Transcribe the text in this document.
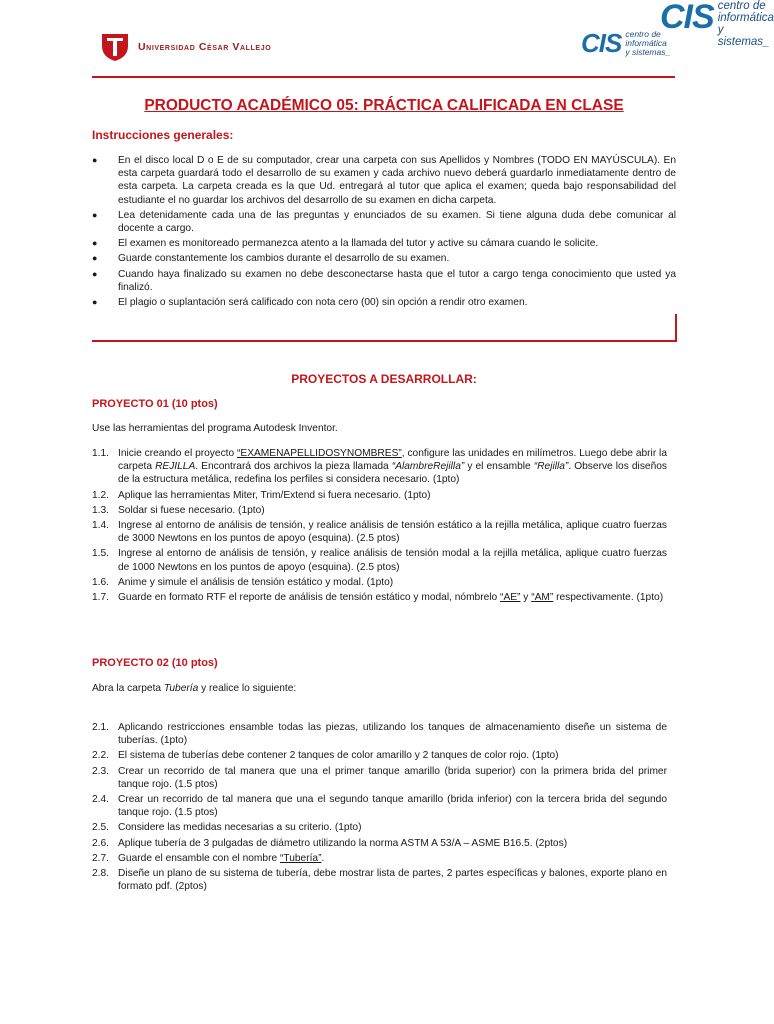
CIS centro de
informática
y sistemas_
Universidad César Vallejo	CIS centro de
informática
y sistemas_
PRODUCTO ACADÉMICO 05: PRÁCTICA CALIFICADA EN CLASE
Instrucciones generales:
● En el disco local D o E de su computador, crear una carpeta con sus Apellidos y Nombres (TODO EN MAYÚSCULA). En esta carpeta guardará todo el desarrollo de su examen y cada archivo nuevo deberá guardarlo inmediatamente dentro de esta carpeta. La carpeta creada es la que Ud. entregará al tutor que aplica el examen; queda bajo responsabilidad del estudiante el no guardar los archivos del desarrollo de su examen en dicha carpeta.
● Lea detenidamente cada una de las preguntas y enunciados de su examen. Si tiene alguna duda debe comunicar al docente a cargo.
● El examen es monitoreado permanezca atento a la llamada del tutor y active su cámara cuando le solicite.
● Guarde constantemente los cambios durante el desarrollo de su examen.
● Cuando haya finalizado su examen no debe desconectarse hasta que el tutor a cargo tenga conocimiento que usted ya finalizó.
● El plagio o suplantación será calificado con nota cero (00) sin opción a rendir otro examen.
PROYECTOS A DESARROLLAR:
PROYECTO 01 (10 ptos)
Use las herramientas del programa Autodesk Inventor.
1.1. Inicie creando el proyecto “EXAMENAPELLIDOSYNOMBRES”, configure las unidades en milímetros. Luego debe abrir la carpeta REJILLA. Encontrará dos archivos la pieza llamada “AlambreRejilla” y el ensamble “Rejilla”. Observe los diseños de la estructura metálica, redefina los perfiles si considera necesario. (1pto)
1.2. Aplique las herramientas Miter, Trim/Extend si fuera necesario. (1pto)
1.3. Soldar si fuese necesario. (1pto)
1.4. Ingrese al entorno de análisis de tensión, y realice análisis de tensión estático a la rejilla metálica, aplique cuatro fuerzas de 3000 Newtons en los puntos de apoyo (esquina). (2.5 ptos)
1.5. Ingrese al entorno de análisis de tensión, y realice análisis de tensión modal a la rejilla metálica, aplique cuatro fuerzas de 1000 Newtons en los puntos de apoyo (esquina). (2.5 ptos)
1.6. Anime y simule el análisis de tensión estático y modal. (1pto)
1.7. Guarde en formato RTF el reporte de análisis de tensión estático y modal, nómbrelo “AE” y “AM” respectivamente. (1pto)
PROYECTO 02 (10 ptos)
Abra la carpeta Tubería y realice lo siguiente:
2.1. Aplicando restricciones ensamble todas las piezas, utilizando los tanques de almacenamiento diseñe un sistema de tuberías. (1pto)
2.2. El sistema de tuberías debe contener 2 tanques de color amarillo y 2 tanques de color rojo. (1pto)
2.3. Crear un recorrido de tal manera que una el primer tanque amarillo (brida superior) con la primera brida del primer tanque rojo. (1.5 ptos)
2.4. Crear un recorrido de tal manera que una el segundo tanque amarillo (brida inferior) con la tercera brida del segundo tanque rojo. (1.5 ptos)
2.5. Considere las medidas necesarias a su criterio. (1pto)
2.6. Aplique tubería de 3 pulgadas de diámetro utilizando la norma ASTM A 53/A – ASME B16.5. (2ptos)
2.7. Guarde el ensamble con el nombre “Tubería”.
2.8. Diseñe un plano de su sistema de tubería, debe mostrar lista de partes, 2 partes específicas y balones, exporte plano en formato pdf. (2ptos)
